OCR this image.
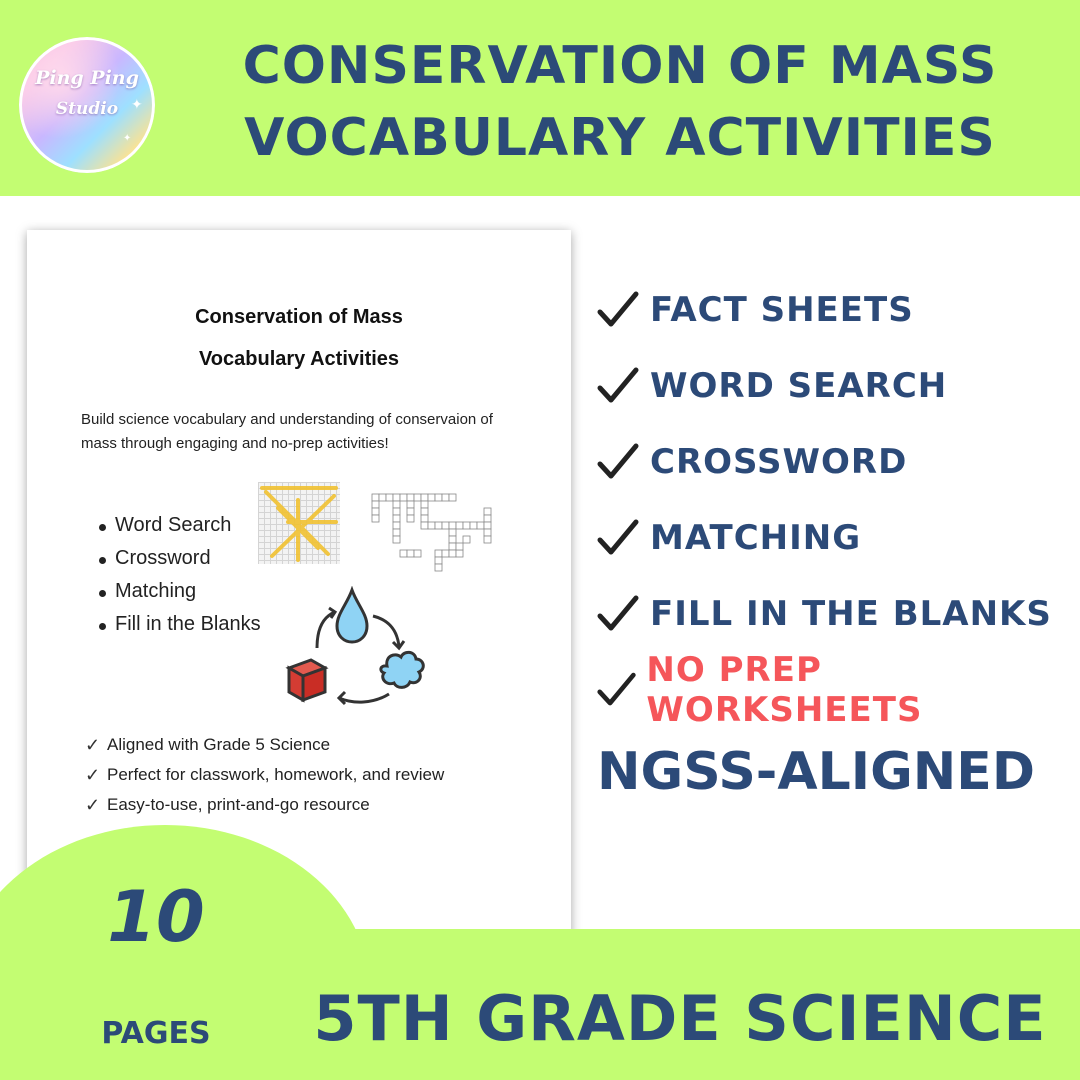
Ping Ping
Studio ✦
✦
CONSERVATION OF MASS
VOCABULARY ACTIVITIES
Conservation of Mass
Vocabulary Activities
Build science vocabulary and understanding of conservaion of mass through engaging and no-prep activities!
Word Search
Crossword
Matching
Fill in the Blanks
✓ Aligned with Grade 5 Science
✓ Perfect for classwork, homework, and review
✓ Easy-to-use, print-and-go resource
FACT SHEETS
WORD SEARCH
CROSSWORD
MATCHING
FILL IN THE BLANKS
NO PREP WORKSHEETS
NGSS-ALIGNED
10
PAGES 5TH GRADE SCIENCE
